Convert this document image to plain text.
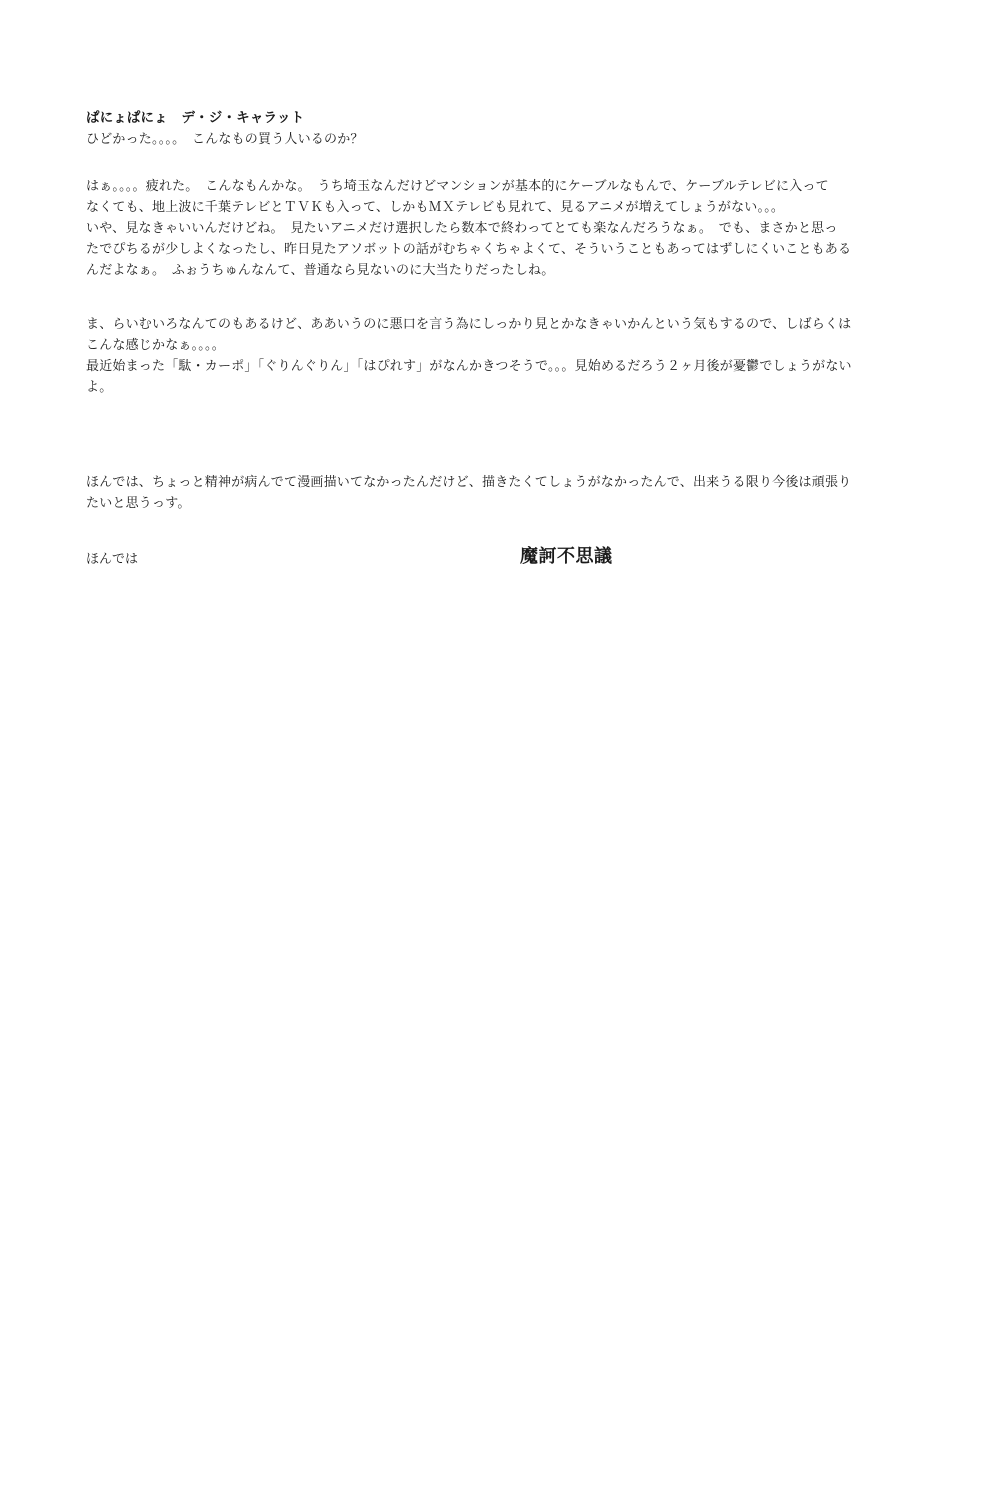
ぱにょぱにょ　デ・ジ・キャラット
ひどかった。。。。　こんなもの買う人いるのか？
はぁ。。。。疲れた。　こんなもんかな。　うち埼玉なんだけどマンションが基本的にケーブルなもんで、ケーブルテレビに入って
なくても、地上波に千葉テレビとＴＶＫも入って、しかもＭＸテレビも見れて、見るアニメが増えてしょうがない。。。
いや、見なきゃいいんだけどね。　見たいアニメだけ選択したら数本で終わってとても楽なんだろうなぁ。　でも、まさかと思っ
たでぴちるが少しよくなったし、昨日見たアソボットの話がむちゃくちゃよくて、そういうこともあってはずしにくいこともある
んだよなぁ。　ふぉうちゅんなんて、普通なら見ないのに大当たりだったしね。
ま、らいむいろなんてのもあるけど、ああいうのに悪口を言う為にしっかり見とかなきゃいかんという気もするので、しばらくは
こんな感じかなぁ。。。。
最近始まった「駄・カーポ」「ぐりんぐりん」「はぴれす」がなんかきつそうで。。。見始めるだろう２ヶ月後が憂鬱でしょうがない
よ。
ほんでは、ちょっと精神が病んでて漫画描いてなかったんだけど、描きたくてしょうがなかったんで、出来うる限り今後は頑張り
たいと思うっす。
ほんでは	魔訶不思議
